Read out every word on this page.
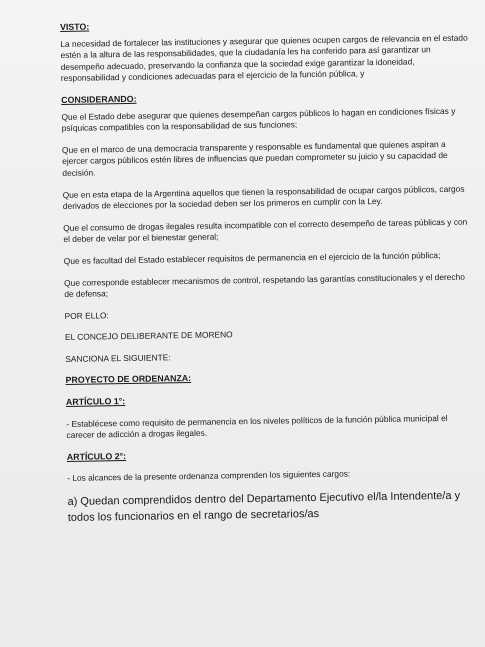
VISTO:

La necesidad de fortalecer las instituciones y asegurar que quienes ocupen cargos de relevancia en el estado estén a la altura de las responsabilidades, que la ciudadanía les ha conferido para así garantizar un desempeño adecuado, preservando la confianza que la sociedad exige garantizar la idoneidad, responsabilidad y condiciones adecuadas para el ejercicio de la función pública, y

CONSIDERANDO:

Que el Estado debe asegurar que quienes desempeñan cargos públicos lo hagan en condiciones físicas y psíquicas compatibles con la responsabilidad de sus funciones;

Que en el marco de una democracia transparente y responsable es fundamental que quienes aspiran a ejercer cargos públicos estén libres de influencias que puedan comprometer su juicio y su capacidad de decisión.

Que en esta etapa de la Argentina aquellos que tienen la responsabilidad de ocupar cargos públicos, cargos derivados de elecciones por la sociedad deben ser los primeros en cumplir con la Ley.

Que el consumo de drogas ilegales resulta incompatible con el correcto desempeño de tareas públicas y con el deber de velar por el bienestar general;

Que es facultad del Estado establecer requisitos de permanencia en el ejercicio de la función pública;

Que corresponde establecer mecanismos de control, respetando las garantías constitucionales y el derecho de defensa;

POR ELLO:

EL CONCEJO DELIBERANTE DE MORENO

SANCIONA EL SIGUIENTE:

PROYECTO DE ORDENANZA:

ARTÍCULO 1°:

- Establécese como requisito de permanencia en los niveles políticos de la función pública municipal el carecer de adicción a drogas ilegales.

ARTÍCULO 2°:

- Los alcances de la presente ordenanza comprenden los siguientes cargos:

a) Quedan comprendidos dentro del Departamento Ejecutivo el/la Intendente/a y todos los funcionarios en el rango de secretarios/as
